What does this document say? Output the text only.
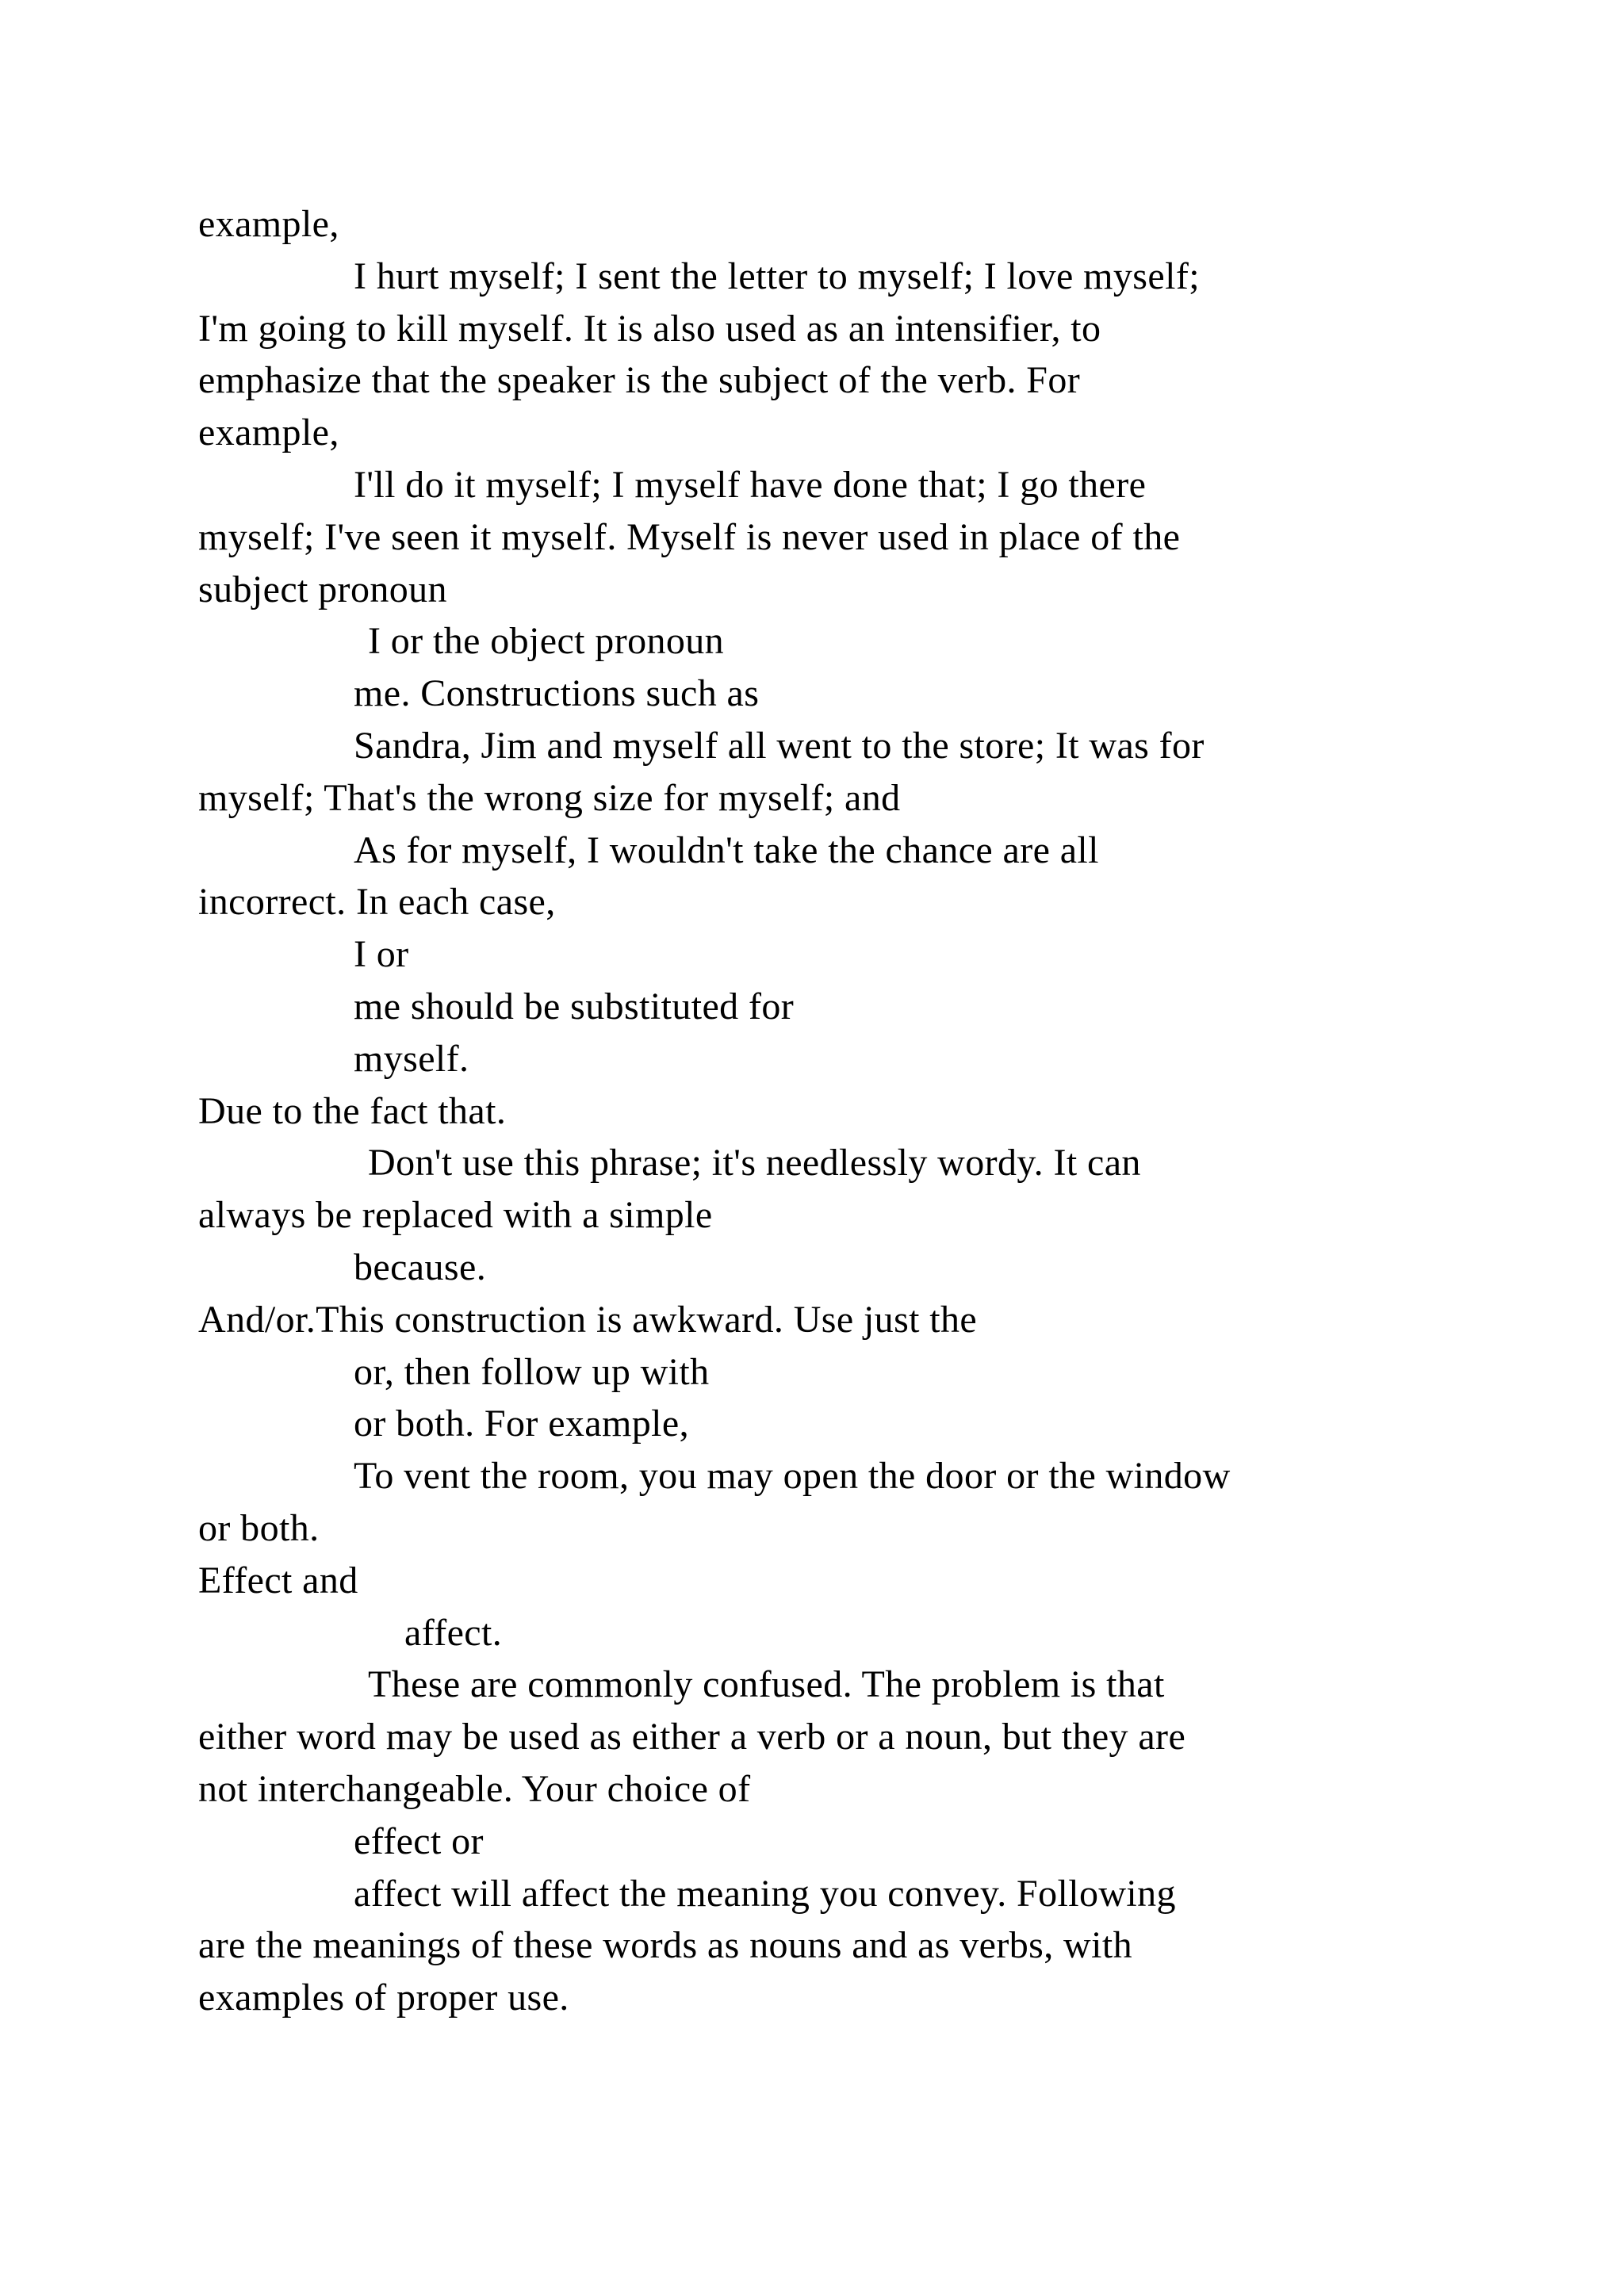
example,
I hurt myself; I sent the letter to myself; I love myself;
I'm going to kill myself. It is also used as an intensifier, to
emphasize that the speaker is the subject of the verb. For
example,
I'll do it myself; I myself have done that; I go there
myself; I've seen it myself. Myself is never used in place of the
subject pronoun
I or the object pronoun
me. Constructions such as
Sandra, Jim and myself all went to the store; It was for
myself; That's the wrong size for myself; and
As for myself, I wouldn't take the chance are all
incorrect. In each case,
I or
me should be substituted for
myself.
Due to the fact that.
Don't use this phrase; it's needlessly wordy. It can
always be replaced with a simple
because.
And/or.This construction is awkward. Use just the
or, then follow up with
or both. For example,
To vent the room, you may open the door or the window
or both.
Effect and
affect.
These are commonly confused. The problem is that
either word may be used as either a verb or a noun, but they are
not interchangeable. Your choice of
effect or
affect will affect the meaning you convey. Following
are the meanings of these words as nouns and as verbs, with
examples of proper use.
